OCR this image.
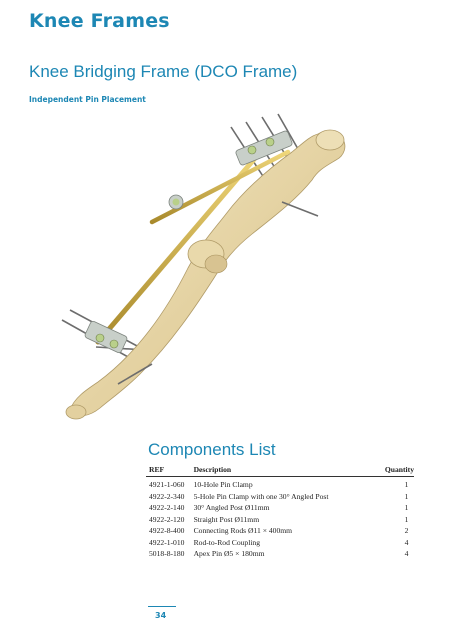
Knee Frames
Knee Bridging Frame (DCO Frame)
Independent Pin Placement
Components List
REF	Description	Quantity
4921-1-060	10-Hole Pin Clamp	1
4922-2-340	5-Hole Pin Clamp with one 30° Angled Post	1
4922-2-140	30° Angled Post Ø11mm	1
4922-2-120	Straight Post Ø11mm	1
4922-8-400	Connecting Rods Ø11 × 400mm	2
4922-1-010	Rod-to-Rod Coupling	4
5018-8-180	Apex Pin Ø5 × 180mm	4
34
